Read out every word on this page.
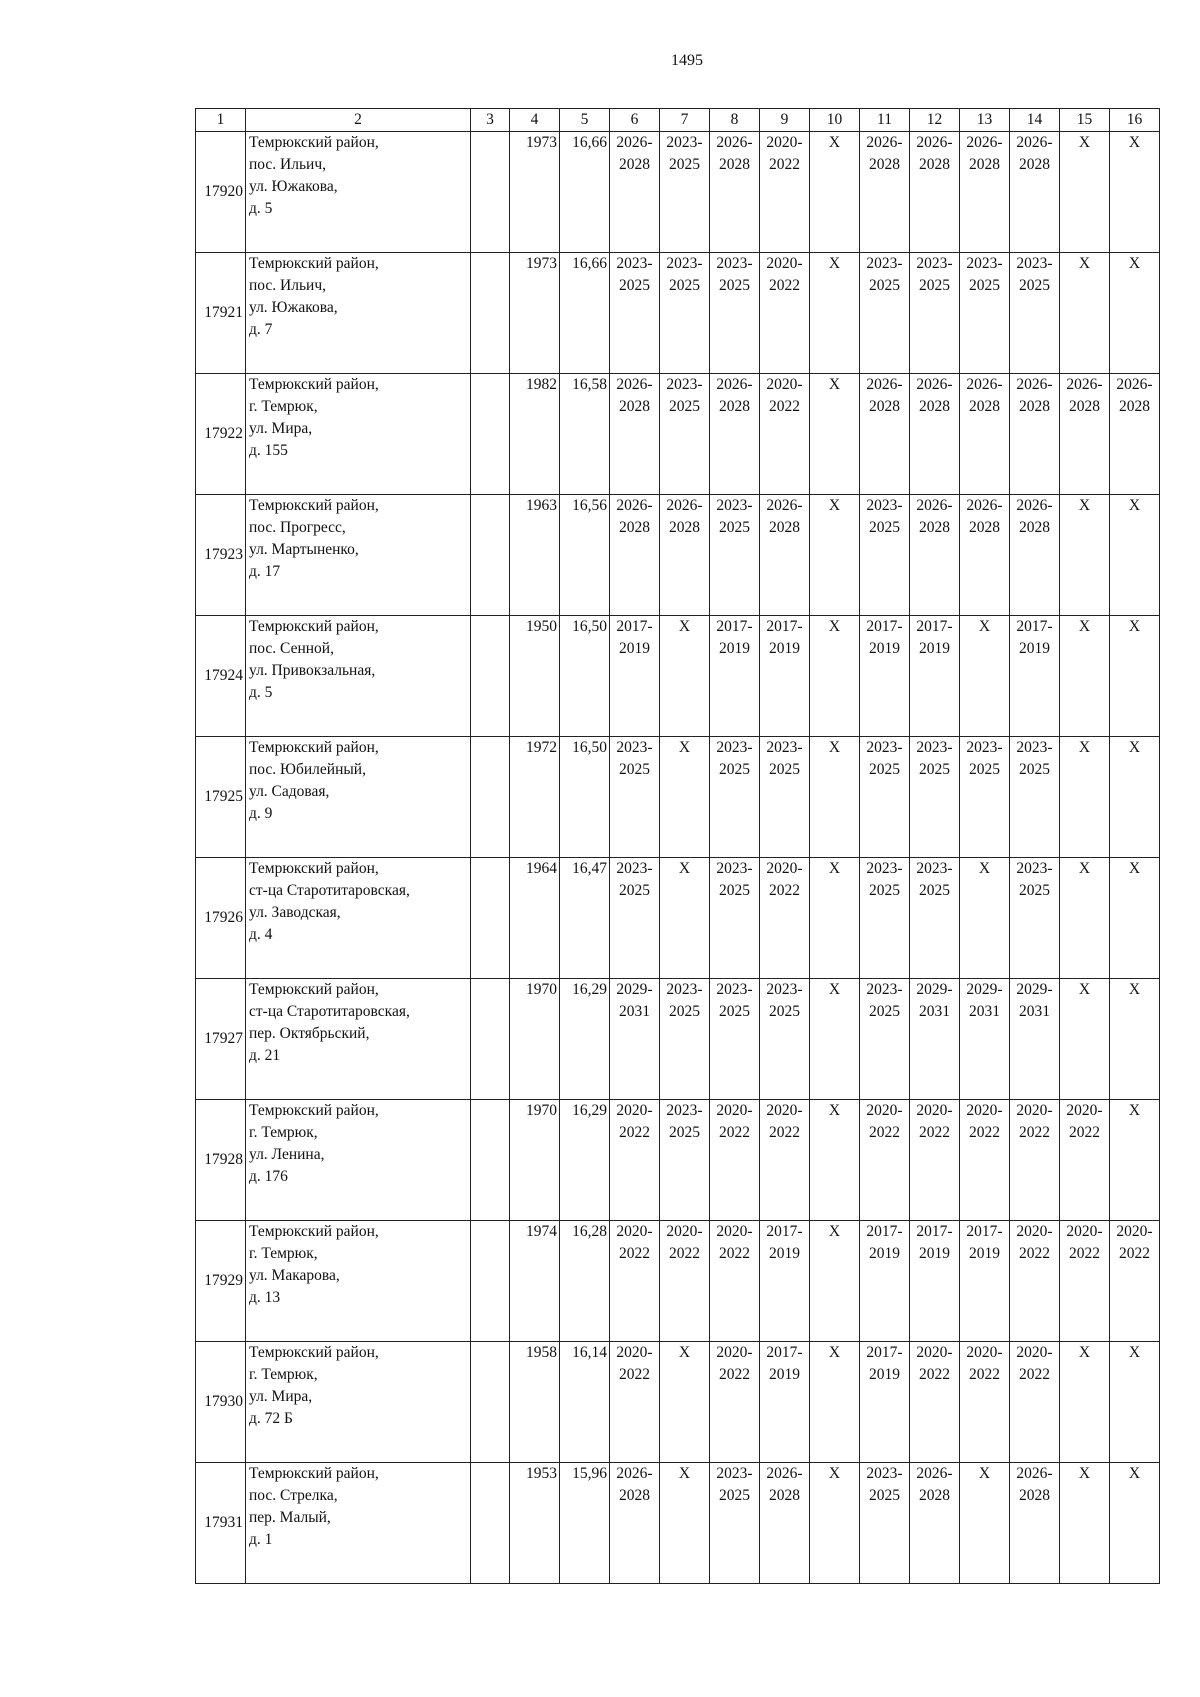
1495
1	2	3	4	5	6	7	8	9	10	11	12	13	14	15	16
17920	Темрюкский район,
пос. Ильич,
ул. Южакова,
д. 5		1973	16,66	2026-
2028	2023-
2025	2026-
2028	2020-
2022	Х	2026-
2028	2026-
2028	2026-
2028	2026-
2028	Х	Х
17921	Темрюкский район,
пос. Ильич,
ул. Южакова,
д. 7		1973	16,66	2023-
2025	2023-
2025	2023-
2025	2020-
2022	Х	2023-
2025	2023-
2025	2023-
2025	2023-
2025	Х	Х
17922	Темрюкский район,
г. Темрюк,
ул. Мира,
д. 155		1982	16,58	2026-
2028	2023-
2025	2026-
2028	2020-
2022	Х	2026-
2028	2026-
2028	2026-
2028	2026-
2028	2026-
2028	2026-
2028
17923	Темрюкский район,
пос. Прогресс,
ул. Мартыненко,
д. 17		1963	16,56	2026-
2028	2026-
2028	2023-
2025	2026-
2028	Х	2023-
2025	2026-
2028	2026-
2028	2026-
2028	Х	Х
17924	Темрюкский район,
пос. Сенной,
ул. Привокзальная,
д. 5		1950	16,50	2017-
2019	Х	2017-
2019	2017-
2019	Х	2017-
2019	2017-
2019	Х	2017-
2019	Х	Х
17925	Темрюкский район,
пос. Юбилейный,
ул. Садовая,
д. 9		1972	16,50	2023-
2025	Х	2023-
2025	2023-
2025	Х	2023-
2025	2023-
2025	2023-
2025	2023-
2025	Х	Х
17926	Темрюкский район,
ст-ца Старотитаровская,
ул. Заводская,
д. 4		1964	16,47	2023-
2025	Х	2023-
2025	2020-
2022	Х	2023-
2025	2023-
2025	Х	2023-
2025	Х	Х
17927	Темрюкский район,
ст-ца Старотитаровская,
пер. Октябрьский,
д. 21		1970	16,29	2029-
2031	2023-
2025	2023-
2025	2023-
2025	Х	2023-
2025	2029-
2031	2029-
2031	2029-
2031	Х	Х
17928	Темрюкский район,
г. Темрюк,
ул. Ленина,
д. 176		1970	16,29	2020-
2022	2023-
2025	2020-
2022	2020-
2022	Х	2020-
2022	2020-
2022	2020-
2022	2020-
2022	2020-
2022	Х
17929	Темрюкский район,
г. Темрюк,
ул. Макарова,
д. 13		1974	16,28	2020-
2022	2020-
2022	2020-
2022	2017-
2019	Х	2017-
2019	2017-
2019	2017-
2019	2020-
2022	2020-
2022	2020-
2022
17930	Темрюкский район,
г. Темрюк,
ул. Мира,
д. 72 Б		1958	16,14	2020-
2022	Х	2020-
2022	2017-
2019	Х	2017-
2019	2020-
2022	2020-
2022	2020-
2022	Х	Х
17931	Темрюкский район,
пос. Стрелка,
пер. Малый,
д. 1		1953	15,96	2026-
2028	Х	2023-
2025	2026-
2028	Х	2023-
2025	2026-
2028	Х	2026-
2028	Х	Х
